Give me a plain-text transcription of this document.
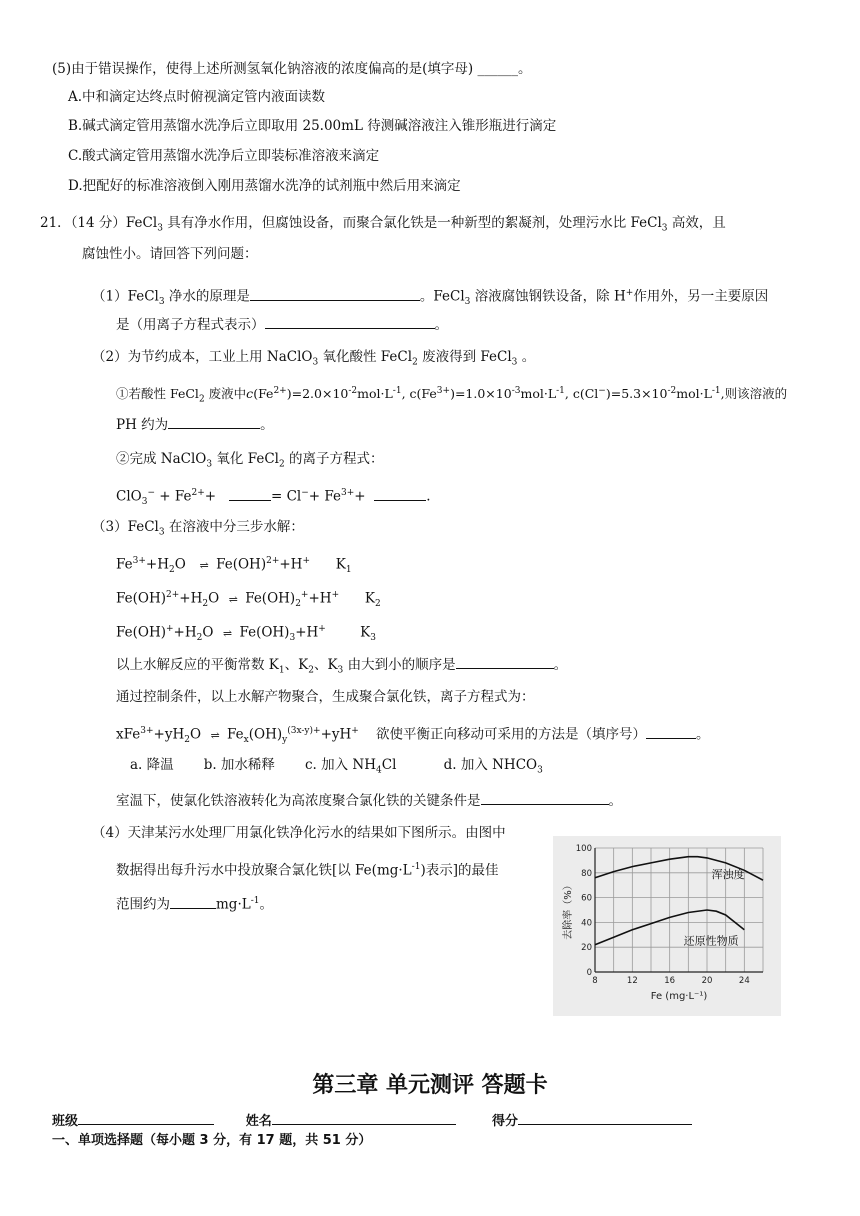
(5)由于错误操作，使得上述所测氢氧化钠溶液的浓度偏高的是(填字母) ______。
A.中和滴定达终点时俯视滴定管内液面读数
B.碱式滴定管用蒸馏水洗净后立即取用 25.00mL 待测碱溶液注入锥形瓶进行滴定
C.酸式滴定管用蒸馏水洗净后立即装标准溶液来滴定
D.把配好的标准溶液倒入刚用蒸馏水洗净的试剂瓶中然后用来滴定
21．（14 分）FeCl$_3$ 具有净水作用，但腐蚀设备，而聚合氯化铁是一种新型的絮凝剂，处理污水比 FeCl$_3$ 高效，且
腐蚀性小。请回答下列问题：
（1）FeCl$_3$ 净水的原理是	。FeCl$_3$ 溶液腐蚀钢铁设备，除 H+作用外，另一主要原因
是（用离子方程式表示）	。
（2）为节约成本，工业上用 NaClO$_3$ 氧化酸性 FeCl$_2$ 废液得到 FeCl$_3$ 。
①若酸性 FeCl$_2$ 废液中$c(Fe^{2+})=2.0\times 10^{-2}mol\cdot L^{-1}$, $c(Fe^{3+})=1.0\times 10^{-3}mol\cdot L^{-1}$, $c(Cl^-)=5.3\times 10^{-2}mol\cdot L^{-1}$,则该溶液的
PH 约为	。
②完成 NaClO$_3$ 氧化 FeCl$_2$ 的离子方程式：
$ClO_3^- + Fe^{2+}+$	= $Cl^-+ Fe^{3+}+$	.
（3）FeCl$_3$ 在溶液中分三步水解：
$Fe^{3+}+H_2O$ ⇌ Fe(OH)$^{2+}$+H+ $K_1$
$Fe(OH)^{2+}+H_2O$ ⇌ $Fe(OH)_2^++H^+$      $K_2$
$Fe(OH)^++H_2O$ ⇌ $Fe(OH)_3+H^+$        $K_3$
以上水解反应的平衡常数 $K_1$、$K_2$、$K_3$ 由大到小的顺序是	。
通过控制条件，以上水解产物聚合，生成聚合氯化铁，离子方程式为：
$xFe^{3+}+yH_2O$ ⇌ $Fe_x(OH)_y^{(3x-y)+}+yH^+$ 欲使平衡正向移动可采用的方法是（填序号）	。
a. 降温 b. 加水稀释 c. 加入 $NH_4Cl$	d. 加入 $NHCO_3$
室温下，使氯化铁溶液转化为高浓度聚合氯化铁的关键条件是	。
（4）天津某污水处理厂用氯化铁净化污水的结果如下图所示。由图中
数据得出每升污水中投放聚合氯化铁[以 $Fe(mg\cdot L^{-1})$表示]的最佳
范围约为	$mg\cdot L^{-1}$。
0
20
40
60
80
100
8	12	16	20	24
Fe (mg·L⁻¹)
去除率（%）
浑浊度
还原性物质
第三章 单元测评 答题卡
班级	姓名	得分
一、单项选择题（每小题 3 分，有 17 题，共 51 分）
